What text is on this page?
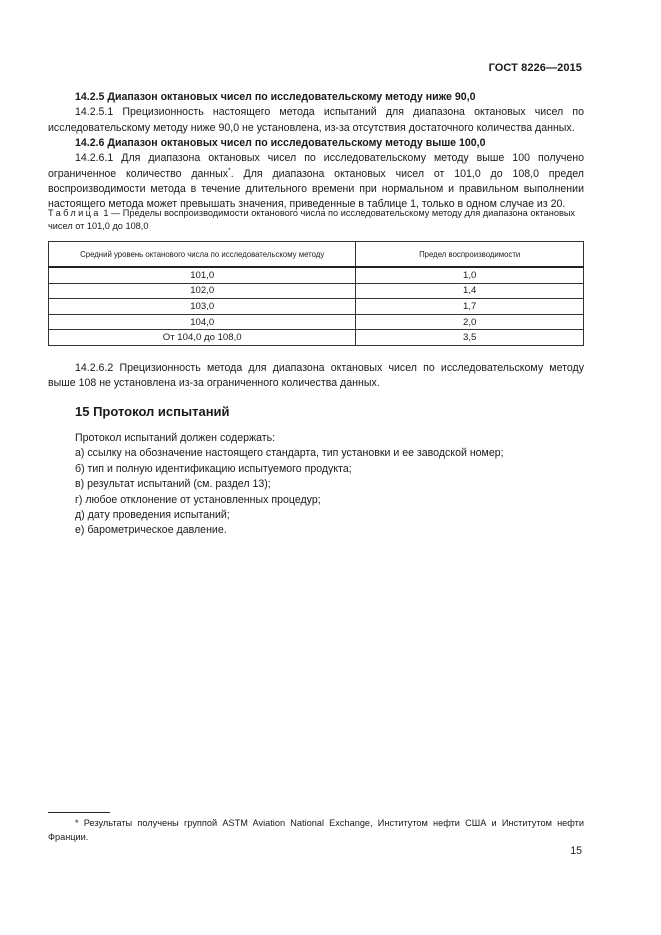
ГОСТ 8226—2015

14.2.5 Диапазон октановых чисел по исследовательскому методу ниже 90,0

14.2.5.1 Прецизионность настоящего метода испытаний для диапазона октановых чисел по исследовательскому методу ниже 90,0 не установлена, из-за отсутствия достаточного количества данных.

14.2.6 Диапазон октановых чисел по исследовательскому методу выше 100,0

14.2.6.1 Для диапазона октановых чисел по исследовательскому методу выше 100 получено ограниченное количество данных*. Для диапазона октановых чисел от 101,0 до 108,0 предел воспроизводимости метода в течение длительного времени при нормальном и правильном выполнении настоящего метода может превышать значения, приведенные в таблице 1, только в одном случае из 20.

Таблица 1 — Пределы воспроизводимости октанового числа по исследовательскому методу для диапазона октановых чисел от 101,0 до 108,0
Средний уровень октанового числа по исследовательскому методу	Предел воспроизводимости
101,0	1,0
102,0	1,4
103,0	1,7
104,0	2,0
От 104,0 до 108,0	3,5

14.2.6.2 Прецизионность метода для диапазона октановых чисел по исследовательскому методу выше 108 не установлена из-за ограниченного количества данных.

15 Протокол испытаний
Протокол испытаний должен содержать:
а) ссылку на обозначение настоящего стандарта, тип установки и ее заводской номер;
б) тип и полную идентификацию испытуемого продукта;
в) результат испытаний (см. раздел 13);
г) любое отклонение от установленных процедур;
д) дату проведения испытаний;
е) барометрическое давление.

* Результаты получены группой ASTM Aviation National Exchange, Институтом нефти США и Институтом нефти Франции.

15
